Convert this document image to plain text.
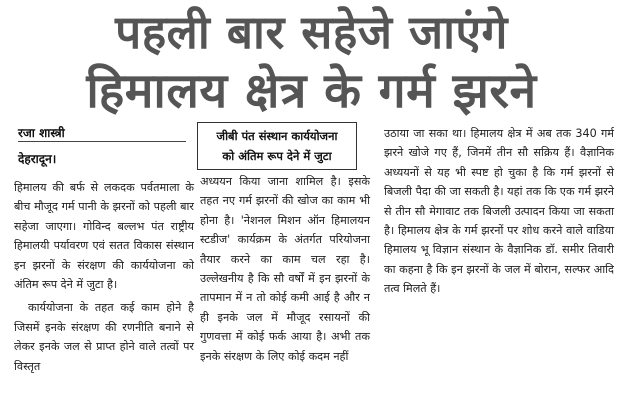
पहली बार सहेजे जाएंगे
हिमालय क्षेत्र के गर्म झरने
रजा शास्त्री
देहरादून।
जीबी पंत संस्थान कार्ययोजना
को अंतिम रूप देने में जुटा

हिमालय की बर्फ से लकदक पर्वतमाला के बीच मौजूद गर्म पानी के झरनों को पहली बार सहेजा जाएगा। गोविन्द बल्लभ पंत राष्ट्रीय हिमालयी पर्यावरण एवं सतत विकास संस्थान इन झरनों के संरक्षण की कार्ययोजना को अंतिम रूप देने में जुटा है।

कार्ययोजना के तहत कई काम होने है जिसमें इनके संरक्षण की रणनीति बनाने से लेकर इनके जल से प्राप्त होने वाले तत्वों पर विस्तृत

अध्ययन किया जाना शामिल है। इसके तहत नए गर्म झरनों की खोज का काम भी होना है। 'नेशनल मिशन ऑन हिमालयन स्टडीज' कार्यक्रम के अंतर्गत परियोजना तैयार करने का काम चल रहा है। उल्लेखनीय है कि सौ वर्षों में इन झरनों के तापमान में न तो कोई कमी आई है और न ही इनके जल में मौजूद रसायनों की गुणवत्ता में कोई फर्क आया है। अभी तक इनके संरक्षण के लिए कोई कदम नहीं

उठाया जा सका था। हिमालय क्षेत्र में अब तक 340 गर्म झरने खोजे गए हैं, जिनमें तीन सौ सक्रिय हैं। वैज्ञानिक अध्ययनों से यह भी स्पष्ट हो चुका है कि गर्म झरनों से बिजली पैदा की जा सकती है। यहां तक कि एक गर्म झरने से तीन सौ मेगावाट तक बिजली उत्पादन किया जा सकता है। हिमालय क्षेत्र के गर्म झरनों पर शोध करने वाले वाडिया हिमालय भू विज्ञान संस्थान के वैज्ञानिक डॉ. समीर तिवारी का कहना है कि इन झरनों के जल में बोरान, सल्फर आदि तत्व मिलते हैं।
